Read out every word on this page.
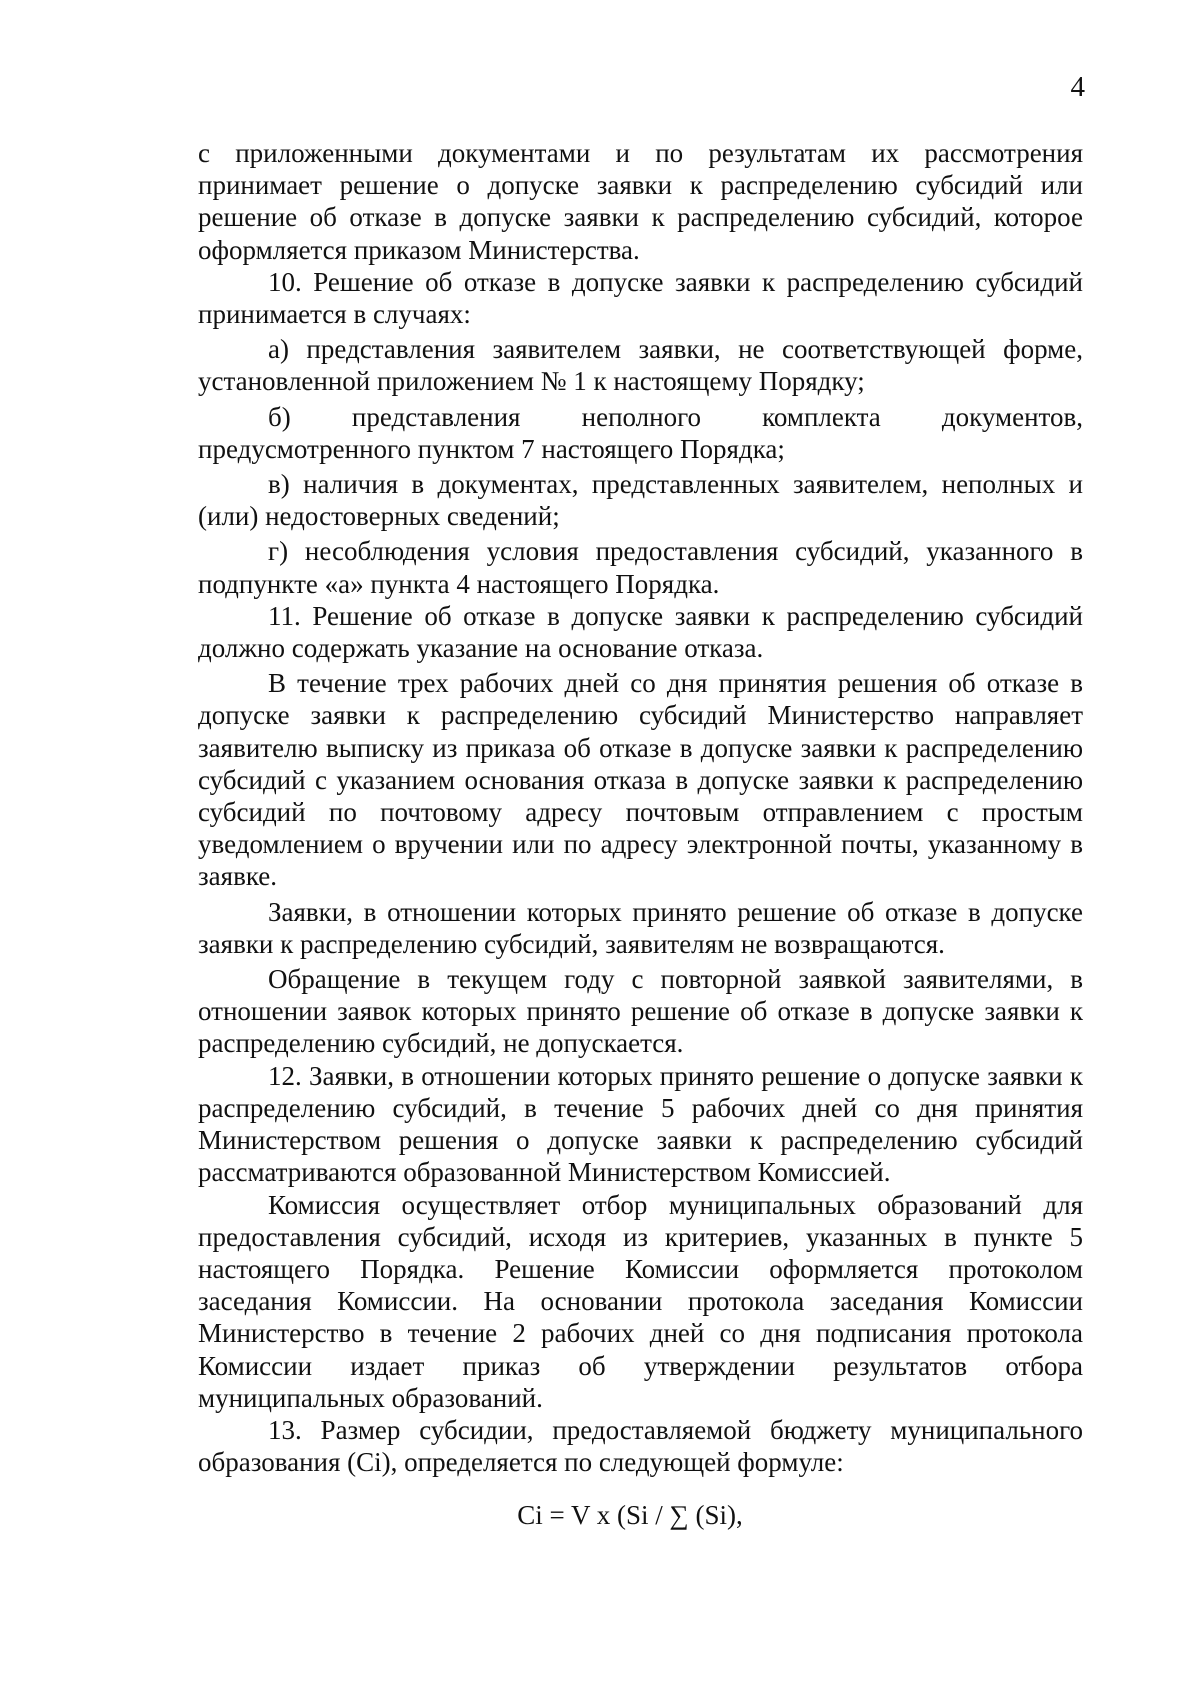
4

с приложенными документами и по результатам их рассмотрения принимает решение о допуске заявки к распределению субсидий или решение об отказе в допуске заявки к распределению субсидий, которое оформляется приказом Министерства.

10. Решение об отказе в допуске заявки к распределению субсидий принимается в случаях:

а) представления заявителем заявки, не соответствующей форме, установленной приложением № 1 к настоящему Порядку;

б) представления неполного комплекта документов, предусмотренного пунктом 7 настоящего Порядка;

в) наличия в документах, представленных заявителем, неполных и (или) недостоверных сведений;

г) несоблюдения условия предоставления субсидий, указанного в подпункте «а» пункта 4 настоящего Порядка.

11. Решение об отказе в допуске заявки к распределению субсидий должно содержать указание на основание отказа.

В течение трех рабочих дней со дня принятия решения об отказе в допуске заявки к распределению субсидий Министерство направляет заявителю выписку из приказа об отказе в допуске заявки к распределению субсидий с указанием основания отказа в допуске заявки к распределению субсидий по почтовому адресу почтовым отправлением с простым уведомлением о вручении или по адресу электронной почты, указанному в заявке.

Заявки, в отношении которых принято решение об отказе в допуске заявки к распределению субсидий, заявителям не возвращаются.

Обращение в текущем году с повторной заявкой заявителями, в отношении заявок которых принято решение об отказе в допуске заявки к распределению субсидий, не допускается.

12. Заявки, в отношении которых принято решение о допуске заявки к распределению субсидий, в течение 5 рабочих дней со дня принятия Министерством решения о допуске заявки к распределению субсидий рассматриваются образованной Министерством Комиссией.

Комиссия осуществляет отбор муниципальных образований для предоставления субсидий, исходя из критериев, указанных в пункте 5 настоящего Порядка. Решение Комиссии оформляется протоколом заседания Комиссии. На основании протокола заседания Комиссии Министерство в течение 2 рабочих дней со дня подписания протокола Комиссии издает приказ об утверждении результатов отбора муниципальных образований.

13. Размер субсидии, предоставляемой бюджету муниципального образования (Сi), определяется по следующей формуле:

Сi = V x (Si / ∑ (Si),
